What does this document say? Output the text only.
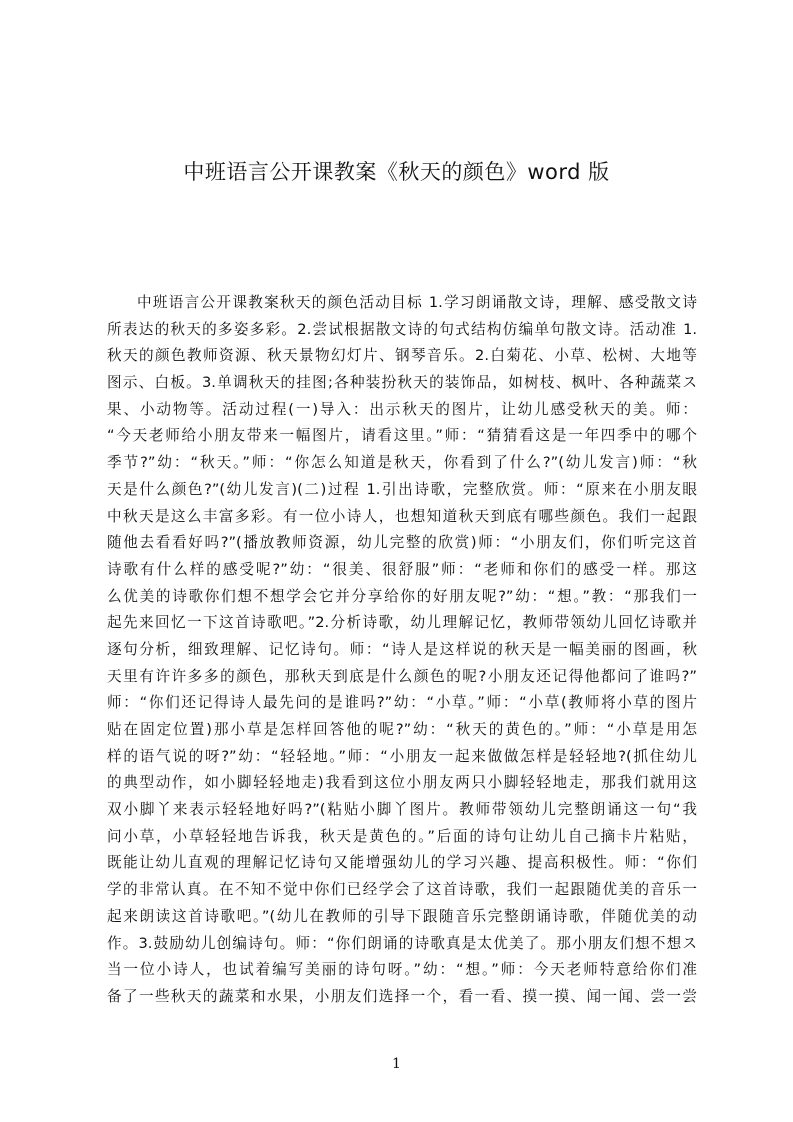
中班语言公开课教案《秋天的颜色》word 版
中班语言公开课教案秋天的颜色活动目标 1.学习朗诵散文诗，理解、感受散文诗
所表达的秋天的多姿多彩。2.尝试根据散文诗的句式结构仿编单句散文诗。活动准 1.
秋天的颜色教师资源、秋天景物幻灯片、钢琴音乐。2.白菊花、小草、松树、大地等
图示、白板。3.单调秋天的挂图;各种装扮秋天的装饰品，如树枝、枫叶、各种蔬菜ス
果、小动物等。活动过程(一)导入：出示秋天的图片，让幼儿感受秋天的美。师：
“今天老师给小朋友带来一幅图片，请看这里。”师：“猜猜看这是一年四季中的哪个
季节?”幼：“秋天。”师：“你怎么知道是秋天，你看到了什么?”(幼儿发言)师：“秋
天是什么颜色?”(幼儿发言)(二)过程 1.引出诗歌，完整欣赏。师：“原来在小朋友眼
中秋天是这么丰富多彩。有一位小诗人，也想知道秋天到底有哪些颜色。我们一起跟
随他去看看好吗?”(播放教师资源，幼儿完整的欣赏)师：“小朋友们，你们听完这首
诗歌有什么样的感受呢?”幼：“很美、很舒服”师：“老师和你们的感受一样。那这
么优美的诗歌你们想不想学会它并分享给你的好朋友呢?”幼：“想。”教：“那我们一
起先来回忆一下这首诗歌吧。”2.分析诗歌，幼儿理解记忆，教师带领幼儿回忆诗歌并
逐句分析，细致理解、记忆诗句。师：“诗人是这样说的秋天是一幅美丽的图画，秋
天里有许许多多的颜色，那秋天到底是什么颜色的呢?小朋友还记得他都问了谁吗?”
师：“你们还记得诗人最先问的是谁吗?”幼：“小草。”师：“小草(教师将小草的图片
贴在固定位置)那小草是怎样回答他的呢?”幼：“秋天的黄色的。”师：“小草是用怎
样的语气说的呀?”幼：“轻轻地。”师：“小朋友一起来做做怎样是轻轻地?(抓住幼儿
的典型动作，如小脚轻轻地走)我看到这位小朋友两只小脚轻轻地走，那我们就用这
双小脚丫来表示轻轻地好吗?”(粘贴小脚丫图片。教师带领幼儿完整朗诵这一句“我
问小草，小草轻轻地告诉我，秋天是黄色的。”后面的诗句让幼儿自己摘卡片粘贴，
既能让幼儿直观的理解记忆诗句又能增强幼儿的学习兴趣、提高积极性。师：“你们
学的非常认真。在不知不觉中你们已经学会了这首诗歌，我们一起跟随优美的音乐一
起来朗读这首诗歌吧。”(幼儿在教师的引导下跟随音乐完整朗诵诗歌，伴随优美的动
作。3.鼓励幼儿创编诗句。师：“你们朗诵的诗歌真是太优美了。那小朋友们想不想ス
当一位小诗人，也试着编写美丽的诗句呀。”幼：“想。”师：今天老师特意给你们准
备了一些秋天的蔬菜和水果，小朋友们选择一个，看一看、摸一摸、闻一闻、尝一尝
1
